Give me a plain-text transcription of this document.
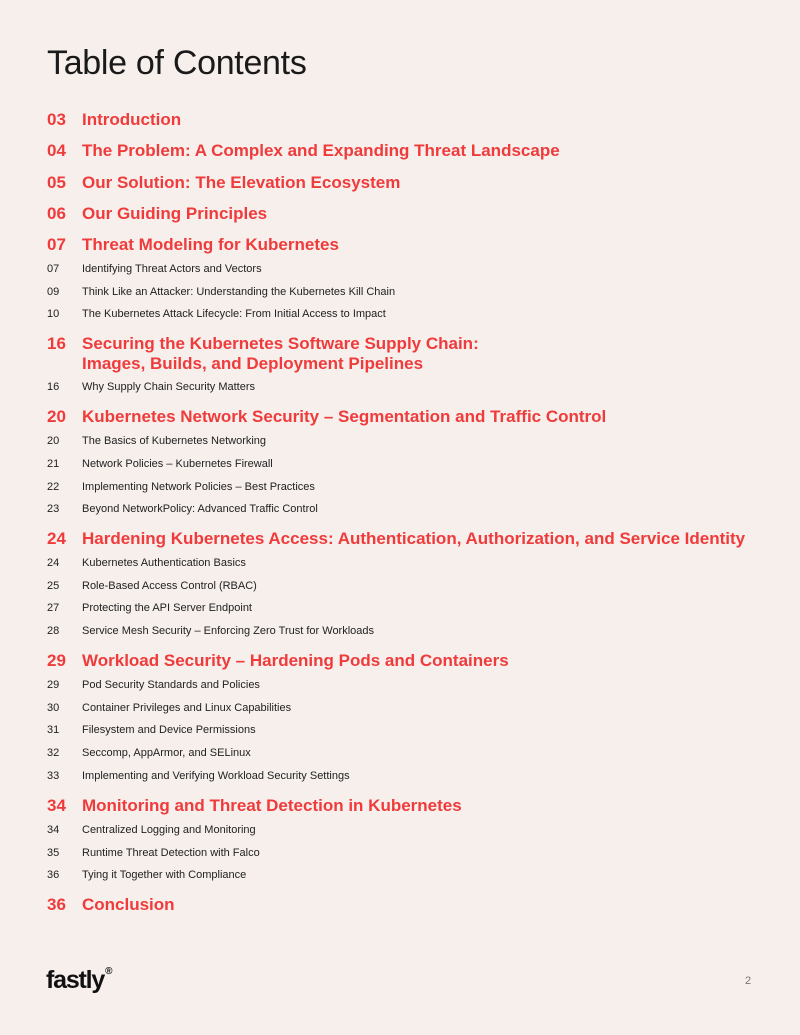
Table of Contents
03 Introduction
04 The Problem: A Complex and Expanding Threat Landscape
05 Our Solution: The Elevation Ecosystem
06 Our Guiding Principles
07 Threat Modeling for Kubernetes
07	Identifying Threat Actors and Vectors
09	Think Like an Attacker: Understanding the Kubernetes Kill Chain
10	The Kubernetes Attack Lifecycle: From Initial Access to Impact
16 Securing the Kubernetes Software Supply Chain:
Images, Builds, and Deployment Pipelines
16	Why Supply Chain Security Matters
20 Kubernetes Network Security – Segmentation and Traffic Control
20	The Basics of Kubernetes Networking
21	Network Policies – Kubernetes Firewall
22	Implementing Network Policies – Best Practices
23	Beyond NetworkPolicy: Advanced Traffic Control
24 Hardening Kubernetes Access: Authentication, Authorization, and Service Identity
24	Kubernetes Authentication Basics
25	Role-Based Access Control (RBAC)
27	Protecting the API Server Endpoint
28	Service Mesh Security – Enforcing Zero Trust for Workloads
29 Workload Security – Hardening Pods and Containers
29	Pod Security Standards and Policies
30	Container Privileges and Linux Capabilities
31	Filesystem and Device Permissions
32	Seccomp, AppArmor, and SELinux
33	Implementing and Verifying Workload Security Settings
34 Monitoring and Threat Detection in Kubernetes
34	Centralized Logging and Monitoring
35	Runtime Threat Detection with Falco
36	Tying it Together with Compliance
36 Conclusion
fastly®
2
